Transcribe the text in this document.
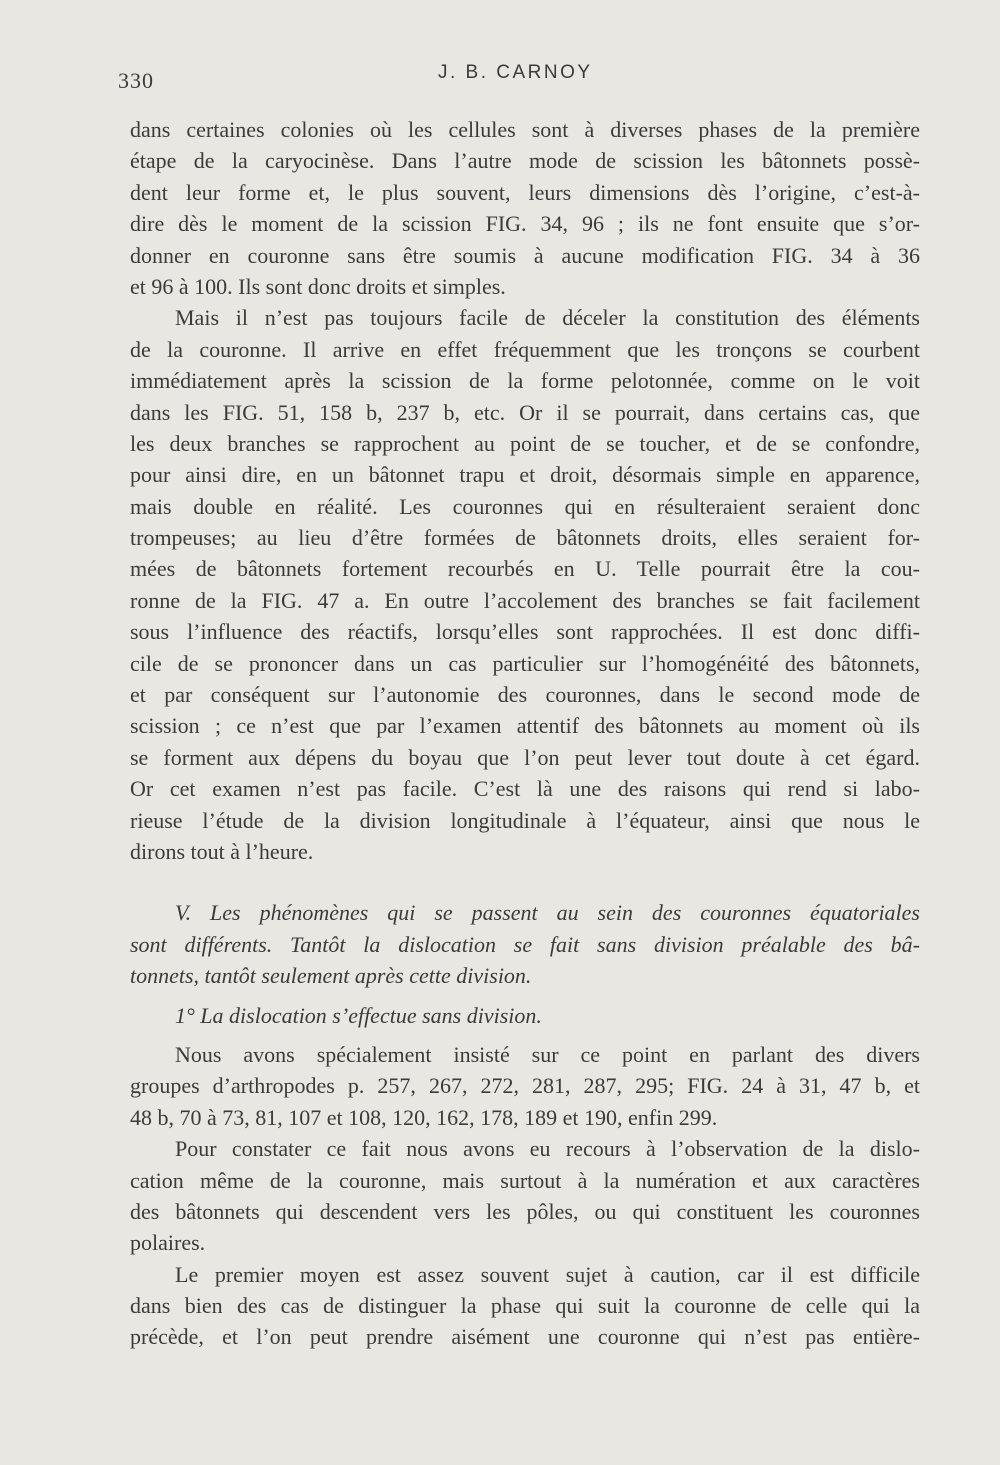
330	J. B. CARNOY
dans certaines colonies où les cellules sont à diverses phases de la première
étape de la caryocinèse. Dans l’autre mode de scission les bâtonnets possè-
dent leur forme et, le plus souvent, leurs dimensions dès l’origine, c’est-à-
dire dès le moment de la scission FIG. 34, 96 ; ils ne font ensuite que s’or-
donner en couronne sans être soumis à aucune modification FIG. 34 à 36
et 96 à 100. Ils sont donc droits et simples.
Mais il n’est pas toujours facile de déceler la constitution des éléments
de la couronne. Il arrive en effet fréquemment que les tronçons se courbent
immédiatement après la scission de la forme pelotonnée, comme on le voit
dans les FIG. 51, 158 b, 237 b, etc. Or il se pourrait, dans certains cas, que
les deux branches se rapprochent au point de se toucher, et de se confondre,
pour ainsi dire, en un bâtonnet trapu et droit, désormais simple en apparence,
mais double en réalité. Les couronnes qui en résulteraient seraient donc
trompeuses; au lieu d’être formées de bâtonnets droits, elles seraient for-
mées de bâtonnets fortement recourbés en U. Telle pourrait être la cou-
ronne de la FIG. 47 a. En outre l’accolement des branches se fait facilement
sous l’influence des réactifs, lorsqu’elles sont rapprochées. Il est donc diffi-
cile de se prononcer dans un cas particulier sur l’homogénéité des bâtonnets,
et par conséquent sur l’autonomie des couronnes, dans le second mode de
scission ; ce n’est que par l’examen attentif des bâtonnets au moment où ils
se forment aux dépens du boyau que l’on peut lever tout doute à cet égard.
Or cet examen n’est pas facile. C’est là une des raisons qui rend si labo-
rieuse l’étude de la division longitudinale à l’équateur, ainsi que nous le
dirons tout à l’heure.
V. Les phénomènes qui se passent au sein des couronnes équatoriales
sont différents. Tantôt la dislocation se fait sans division préalable des bâ-
tonnets, tantôt seulement après cette division.
1° La dislocation s’effectue sans division.
Nous avons spécialement insisté sur ce point en parlant des divers
groupes d’arthropodes p. 257, 267, 272, 281, 287, 295; FIG. 24 à 31, 47 b, et
48 b, 70 à 73, 81, 107 et 108, 120, 162, 178, 189 et 190, enfin 299.
Pour constater ce fait nous avons eu recours à l’observation de la dislo-
cation même de la couronne, mais surtout à la numération et aux caractères
des bâtonnets qui descendent vers les pôles, ou qui constituent les couronnes
polaires.
Le premier moyen est assez souvent sujet à caution, car il est difficile
dans bien des cas de distinguer la phase qui suit la couronne de celle qui la
précède, et l’on peut prendre aisément une couronne qui n’est pas entière-
